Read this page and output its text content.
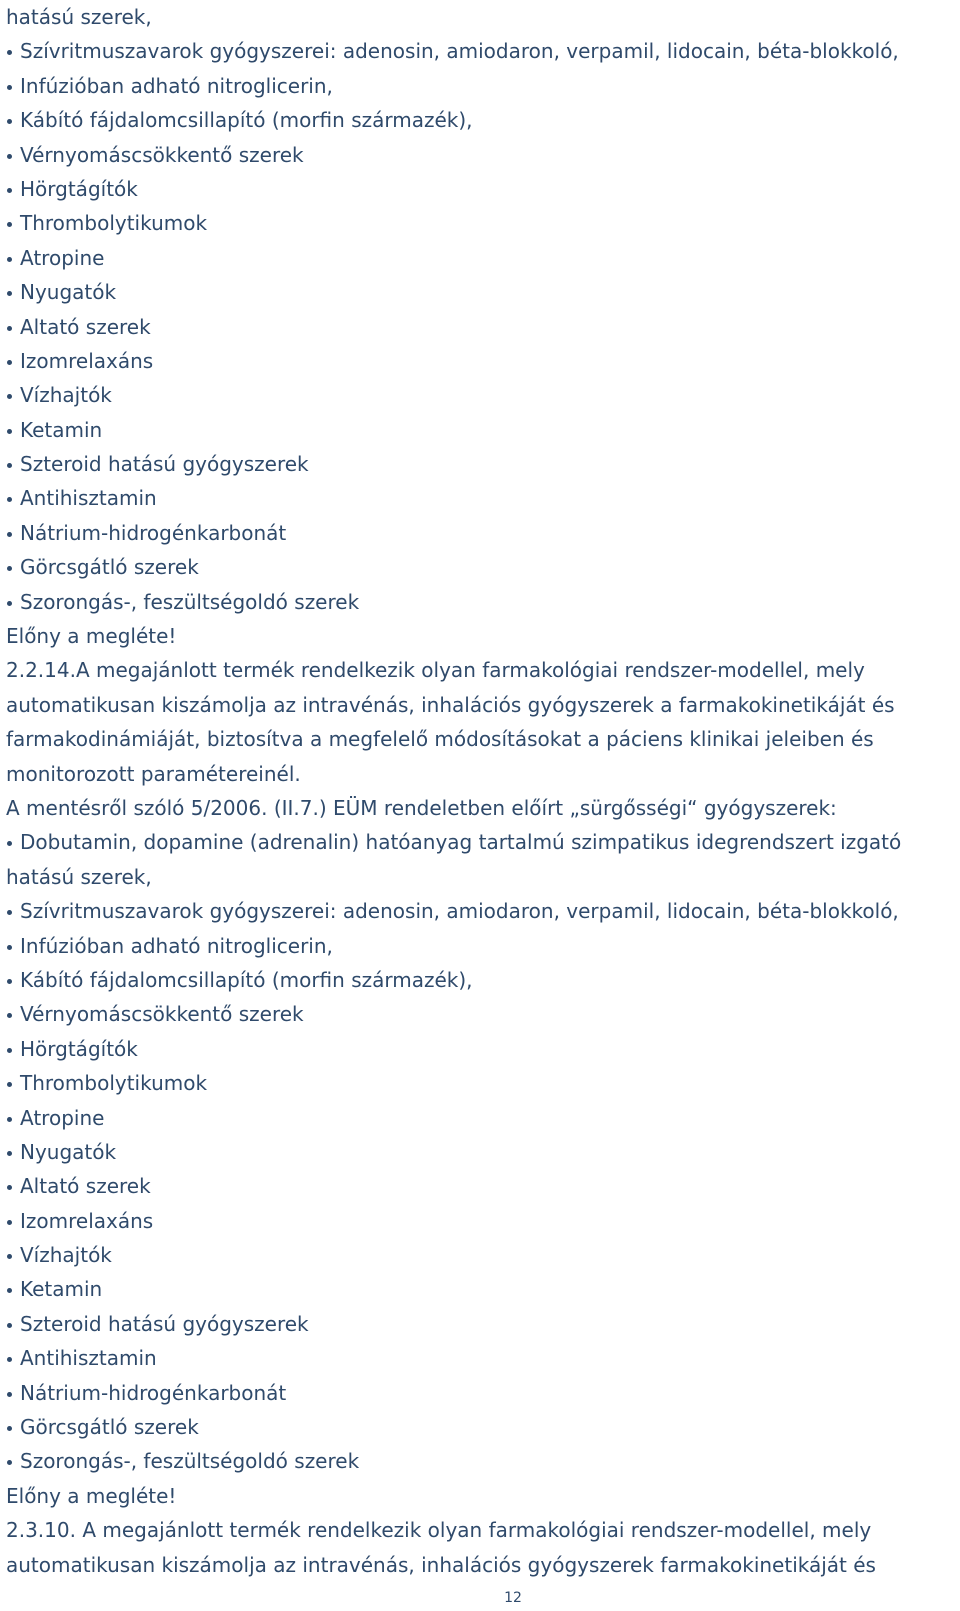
hatású szerek,
Szívritmuszavarok gyógyszerei: adenosin, amiodaron, verpamil, lidocain, béta-blokkoló,
Infúzióban adható nitroglicerin,
Kábító fájdalomcsillapító (morfin származék),
Vérnyomáscsökkentő szerek
Hörgtágítók
Thrombolytikumok
Atropine
Nyugatók
Altató szerek
Izomrelaxáns
Vízhajtók
Ketamin
Szteroid hatású gyógyszerek
Antihisztamin
Nátrium-hidrogénkarbonát
Görcsgátló szerek
Szorongás-, feszültségoldó szerek
Előny a megléte!
2.2.14.A megajánlott termék rendelkezik olyan farmakológiai rendszer-modellel, mely
automatikusan kiszámolja az intravénás, inhalációs gyógyszerek a farmakokinetikáját és
farmakodinámiáját, biztosítva a megfelelő módosításokat a páciens klinikai jeleiben és
monitorozott paramétereinél.
A mentésről szóló 5/2006. (II.7.) EÜM rendeletben előírt „sürgősségi“ gyógyszerek:
Dobutamin, dopamine (adrenalin) hatóanyag tartalmú szimpatikus idegrendszert izgató
hatású szerek,
Szívritmuszavarok gyógyszerei: adenosin, amiodaron, verpamil, lidocain, béta-blokkoló,
Infúzióban adható nitroglicerin,
Kábító fájdalomcsillapító (morfin származék),
Vérnyomáscsökkentő szerek
Hörgtágítók
Thrombolytikumok
Atropine
Nyugatók
Altató szerek
Izomrelaxáns
Vízhajtók
Ketamin
Szteroid hatású gyógyszerek
Antihisztamin
Nátrium-hidrogénkarbonát
Görcsgátló szerek
Szorongás-, feszültségoldó szerek
Előny a megléte!
2.3.10. A megajánlott termék rendelkezik olyan farmakológiai rendszer-modellel, mely
automatikusan kiszámolja az intravénás, inhalációs gyógyszerek farmakokinetikáját és
12
